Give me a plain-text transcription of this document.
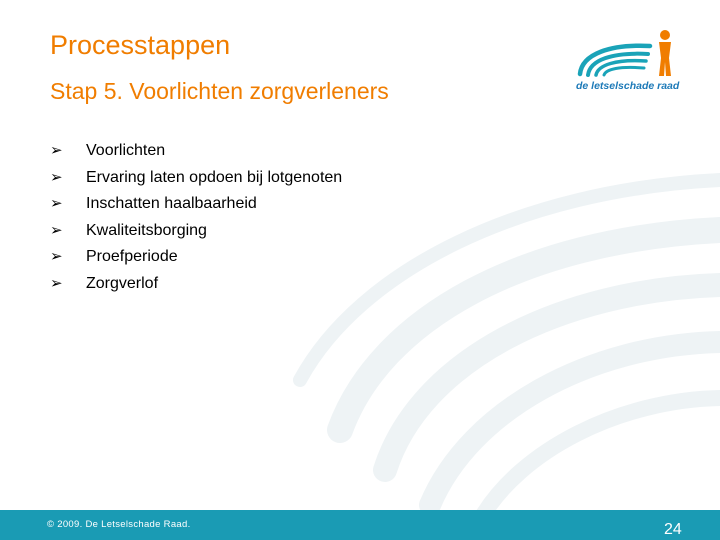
Processtappen
Stap 5. Voorlichten zorgverleners	de letselschade raad
➢	Voorlichten
➢	Ervaring laten opdoen bij lotgenoten
➢	Inschatten haalbaarheid
➢	Kwaliteitsborging
➢	Proefperiode
➢	Zorgverlof
© 2009. De Letselschade Raad.	24
